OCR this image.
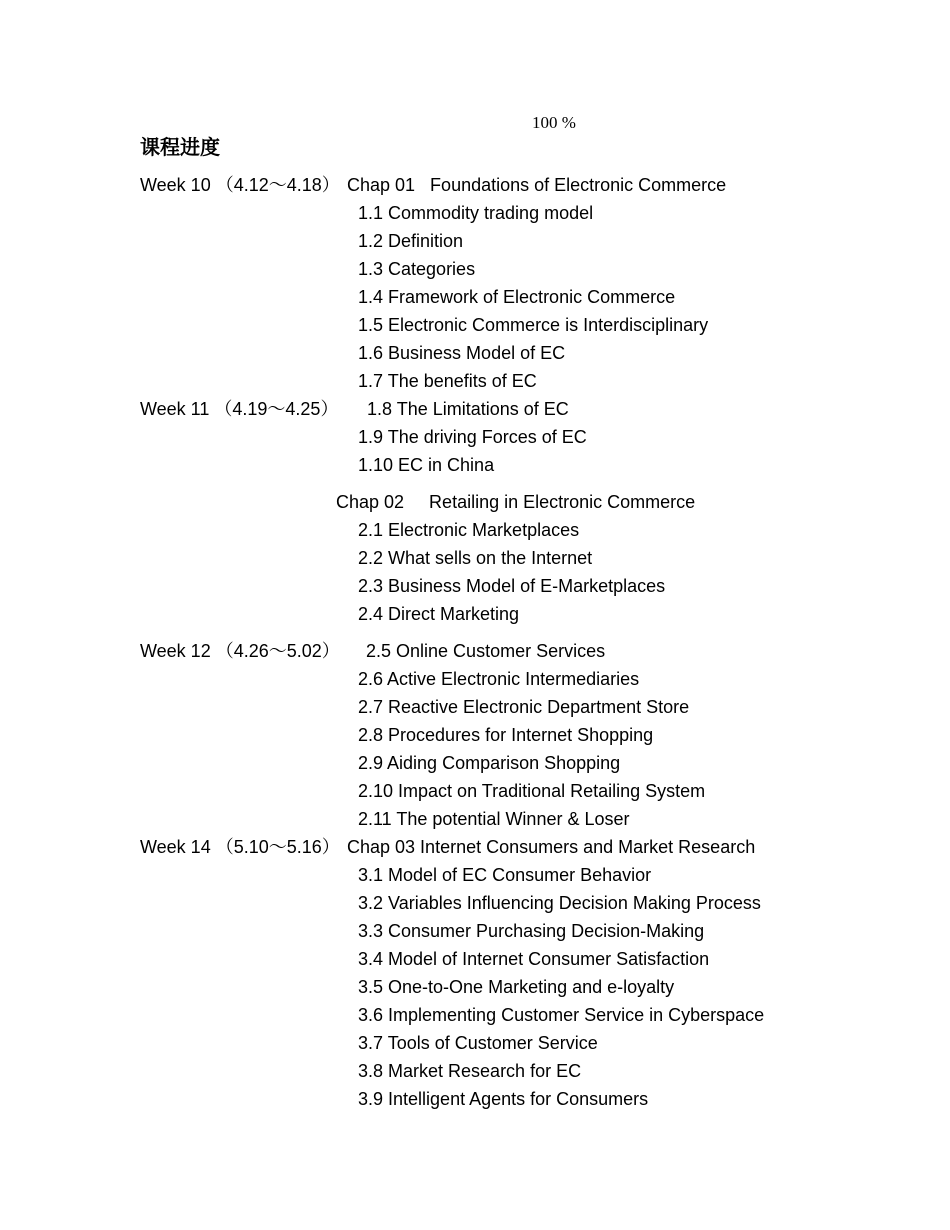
100 %
课程进度
Week 10 （4.12～4.18） Chap 01   Foundations of Electronic Commerce
1.1 Commodity trading model
1.2 Definition
1.3 Categories
1.4 Framework of Electronic Commerce
1.5 Electronic Commerce is Interdisciplinary
1.6 Business Model of EC
1.7 The benefits of EC
Week 11 （4.19～4.25） 1.8 The Limitations of EC
1.9 The driving Forces of EC
1.10 EC in China
Chap 02     Retailing in Electronic Commerce
2.1 Electronic Marketplaces
2.2 What sells on the Internet
2.3 Business Model of E-Marketplaces
2.4 Direct Marketing
Week 12 （4.26～5.02） 2.5 Online Customer Services
2.6 Active Electronic Intermediaries
2.7 Reactive Electronic Department Store
2.8 Procedures for Internet Shopping
2.9 Aiding Comparison Shopping
2.10 Impact on Traditional Retailing System
2.11 The potential Winner & Loser
Week 14 （5.10～5.16） Chap 03 Internet Consumers and Market Research
3.1 Model of EC Consumer Behavior
3.2 Variables Influencing Decision Making Process
3.3 Consumer Purchasing Decision-Making
3.4 Model of Internet Consumer Satisfaction
3.5 One-to-One Marketing and e-loyalty
3.6 Implementing Customer Service in Cyberspace
3.7 Tools of Customer Service
3.8 Market Research for EC
3.9 Intelligent Agents for Consumers
